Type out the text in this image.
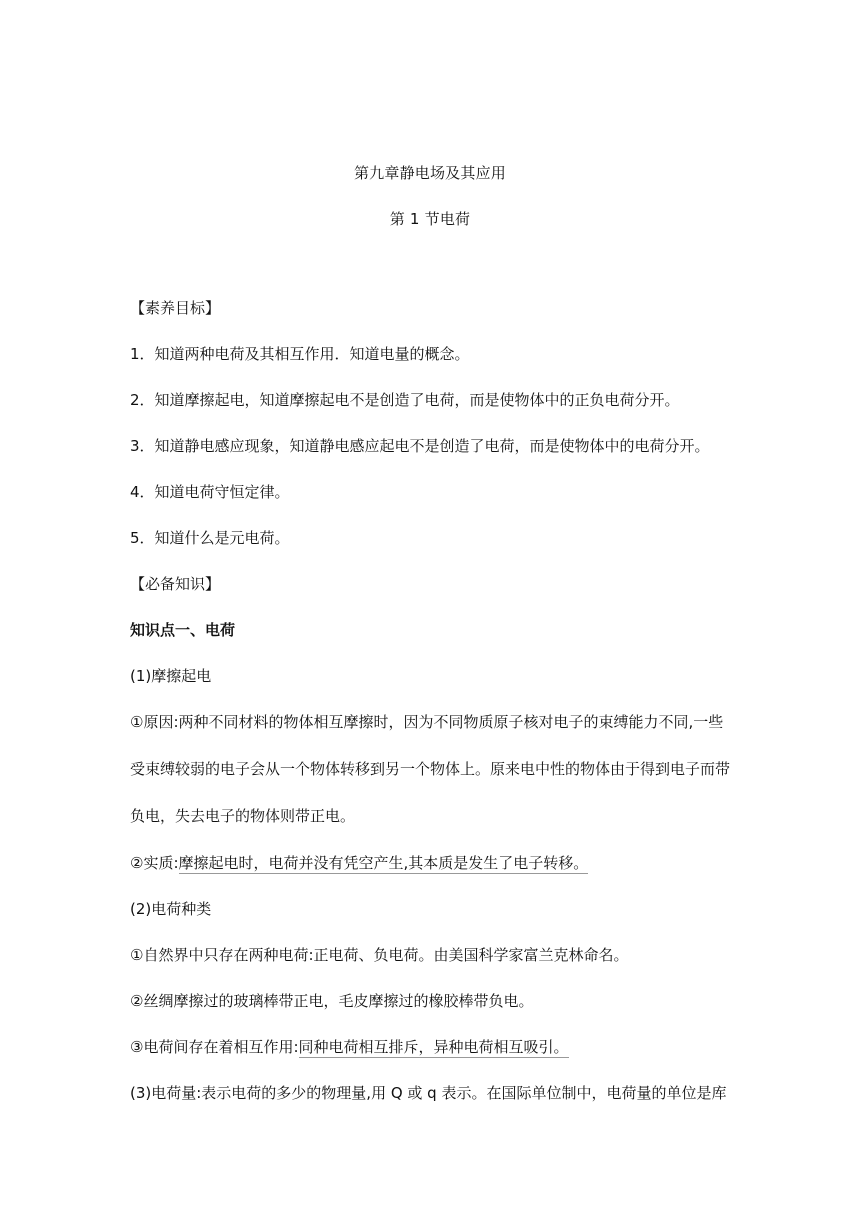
第九章静电场及其应用
第 1 节电荷
【素养目标】
1．知道两种电荷及其相互作用．知道电量的概念。
2．知道摩擦起电，知道摩擦起电不是创造了电荷，而是使物体中的正负电荷分开。
3．知道静电感应现象，知道静电感应起电不是创造了电荷，而是使物体中的电荷分开。
4．知道电荷守恒定律。
5．知道什么是元电荷。
【必备知识】
知识点一、电荷
(1)摩擦起电
①原因:两种不同材料的物体相互摩擦时，因为不同物质原子核对电子的束缚能力不同,一些
受束缚较弱的电子会从一个物体转移到另一个物体上。原来电中性的物体由于得到电子而带
负电，失去电子的物体则带正电。
②实质:摩擦起电时，电荷并没有凭空产生,其本质是发生了电子转移。
(2)电荷种类
①自然界中只存在两种电荷:正电荷、负电荷。由美国科学家富兰克林命名。
②丝绸摩擦过的玻璃棒带正电，毛皮摩擦过的橡胶棒带负电。
③电荷间存在着相互作用:同种电荷相互排斥，异种电荷相互吸引。
(3)电荷量:表示电荷的多少的物理量,用 Q 或 q 表示。在国际单位制中，电荷量的单位是库
